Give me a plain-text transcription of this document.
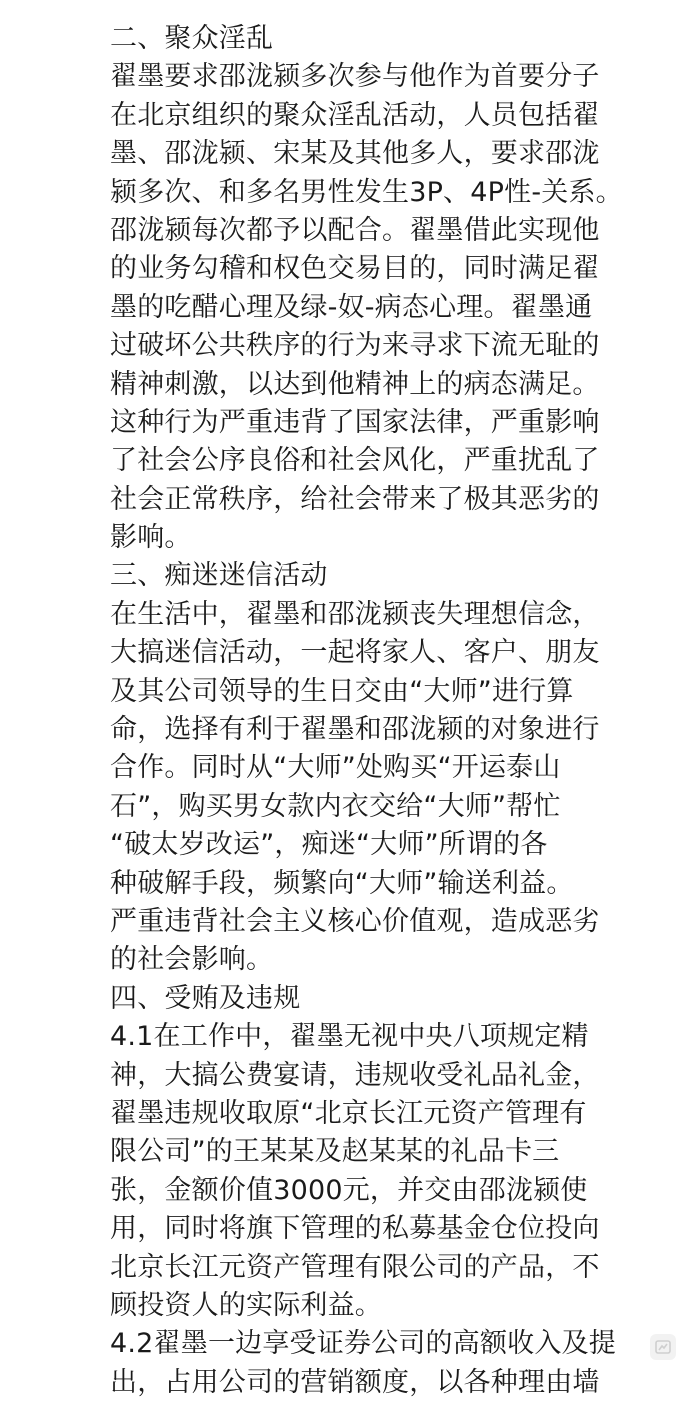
二、聚众淫乱
翟墨要求邵泷颍多次参与他作为首要分子
在北京组织的聚众淫乱活动，人员包括翟
墨、邵泷颍、宋某及其他多人，要求邵泷
颍多次、和多名男性发生3P、4P性-关系。
邵泷颍每次都予以配合。翟墨借此实现他
的业务勾稽和权色交易目的，同时满足翟
墨的吃醋心理及绿-奴-病态心理。翟墨通
过破坏公共秩序的行为来寻求下流无耻的
精神刺激，以达到他精神上的病态满足。
这种行为严重违背了国家法律，严重影响
了社会公序良俗和社会风化，严重扰乱了
社会正常秩序，给社会带来了极其恶劣的
影响。
三、痴迷迷信活动
在生活中，翟墨和邵泷颍丧失理想信念，
大搞迷信活动，一起将家人、客户、朋友
及其公司领导的生日交由“大师”进行算
命，选择有利于翟墨和邵泷颍的对象进行
合作。同时从“大师”处购买“开运泰山
石”，购买男女款内衣交给“大师”帮忙
“破太岁改运”，痴迷“大师”所谓的各
种破解手段，频繁向“大师”输送利益。
严重违背社会主义核心价值观，造成恶劣
的社会影响。
四、受贿及违规
4.1在工作中，翟墨无视中央八项规定精
神，大搞公费宴请，违规收受礼品礼金，
翟墨违规收取原“北京长江元资产管理有
限公司”的王某某及赵某某的礼品卡三
张，金额价值3000元，并交由邵泷颍使
用，同时将旗下管理的私募基金仓位投向
北京长江元资产管理有限公司的产品，不
顾投资人的实际利益。
4.2翟墨一边享受证券公司的高额收入及提
出，占用公司的营销额度，以各种理由墙
